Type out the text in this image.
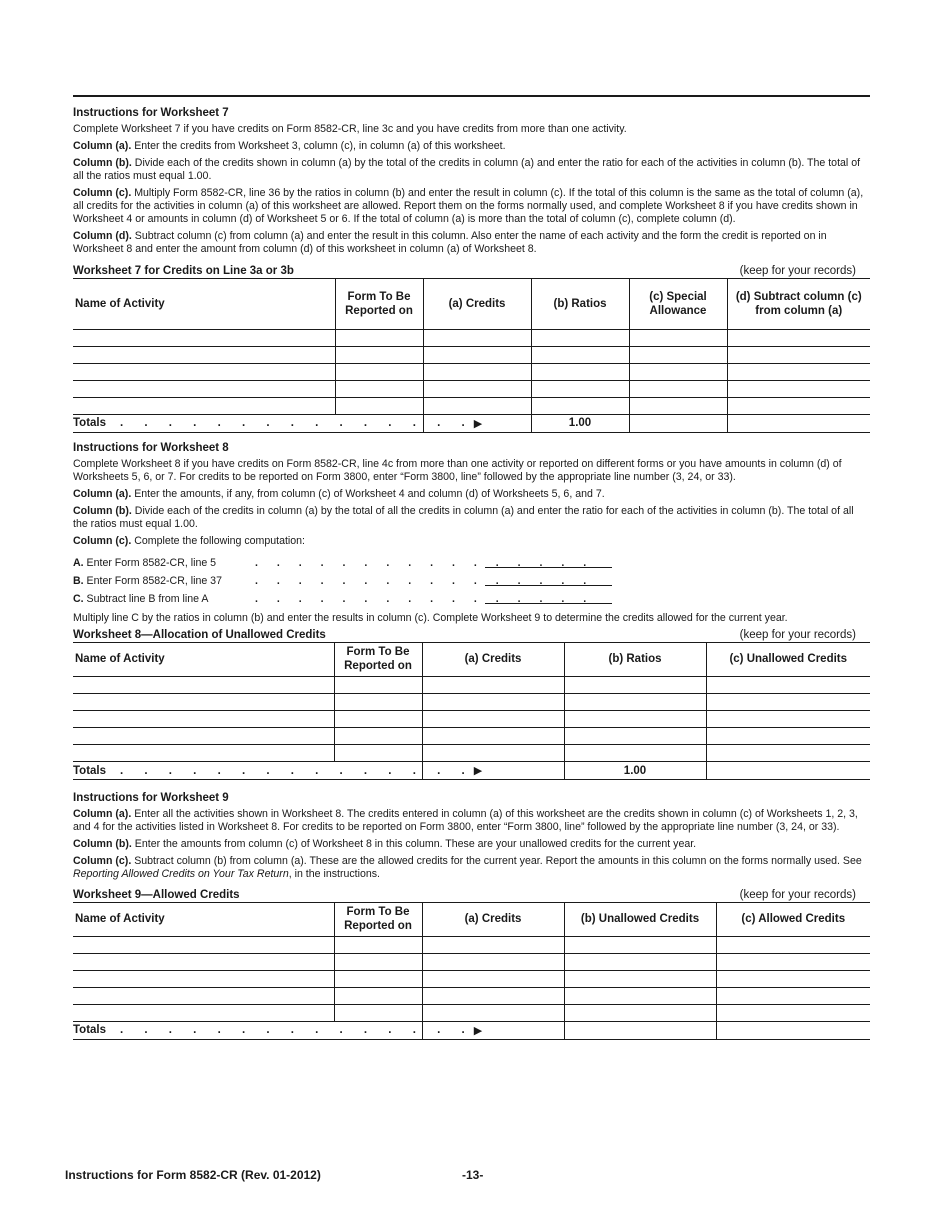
Instructions for Worksheet 7
Complete Worksheet 7 if you have credits on Form 8582-CR, line 3c and you have credits from more than one activity.
Column (a). Enter the credits from Worksheet 3, column (c), in column (a) of this worksheet.
Column (b). Divide each of the credits shown in column (a) by the total of the credits in column (a) and enter the ratio for each of the activities in column (b). The total of all the ratios must equal 1.00.
Column (c). Multiply Form 8582-CR, line 36 by the ratios in column (b) and enter the result in column (c). If the total of this column is the same as the total of column (a), all credits for the activities in column (a) of this worksheet are allowed. Report them on the forms normally used, and complete Worksheet 8 if you have credits shown in Worksheet 4 or amounts in column (d) of Worksheet 5 or 6. If the total of column (a) is more than the total of column (c), complete column (d).
Column (d). Subtract column (c) from column (a) and enter the result in this column. Also enter the name of each activity and the form the credit is reported on in Worksheet 8 and enter the amount from column (d) of this worksheet in column (a) of Worksheet 8.
Worksheet 7 for Credits on Line 3a or 3b	(keep for your records)
Name of Activity	Form To Be Reported on	(a) Credits	(b) Ratios	(c) Special Allowance	(d) Subtract column (c) from column (a)

Totals . . . . . . . . . . . . . . . ▶			1.00		
Instructions for Worksheet 8
Complete Worksheet 8 if you have credits on Form 8582-CR, line 4c from more than one activity or reported on different forms or you have amounts in column (d) of Worksheets 5, 6, or 7. For credits to be reported on Form 3800, enter “Form 3800, line” followed by the appropriate line number (3, 24, or 33).
Column (a). Enter the amounts, if any, from column (c) of Worksheet 4 and column (d) of Worksheets 5, 6, and 7.
Column (b). Divide each of the credits in column (a) by the total of all the credits in column (a) and enter the ratio for each of the activities in column (b). The total of all the ratios must equal 1.00.
Column (c). Complete the following computation:
A. Enter Form 8582-CR, line 5	. . . . . . . . . . . . . . . .
B. Enter Form 8582-CR, line 37	. . . . . . . . . . . . . . . .
C. Subtract line B from line A	. . . . . . . . . . . . . . . .
Multiply line C by the ratios in column (b) and enter the results in column (c). Complete Worksheet 9 to determine the credits allowed for the current year.
Worksheet 8—Allocation of Unallowed Credits	(keep for your records)
Name of Activity	Form To Be Reported on	(a) Credits	(b) Ratios	(c) Unallowed Credits

Totals . . . . . . . . . . . . . . . ▶			1.00	
Instructions for Worksheet 9
Column (a). Enter all the activities shown in Worksheet 8. The credits entered in column (a) of this worksheet are the credits shown in column (c) of Worksheets 1, 2, 3, and 4 for the activities listed in Worksheet 8. For credits to be reported on Form 3800, enter “Form 3800, line” followed by the appropriate line number (3, 24, or 33).
Column (b). Enter the amounts from column (c) of Worksheet 8 in this column. These are your unallowed credits for the current year.
Column (c). Subtract column (b) from column (a). These are the allowed credits for the current year. Report the amounts in this column on the forms normally used. See Reporting Allowed Credits on Your Tax Return, in the instructions.
Worksheet 9—Allowed Credits	(keep for your records)
Name of Activity	Form To Be Reported on	(a) Credits	(b) Unallowed Credits	(c) Allowed Credits

Totals . . . . . . . . . . . . . . . ▶				

Instructions for Form 8582-CR (Rev. 01-2012)	-13-
